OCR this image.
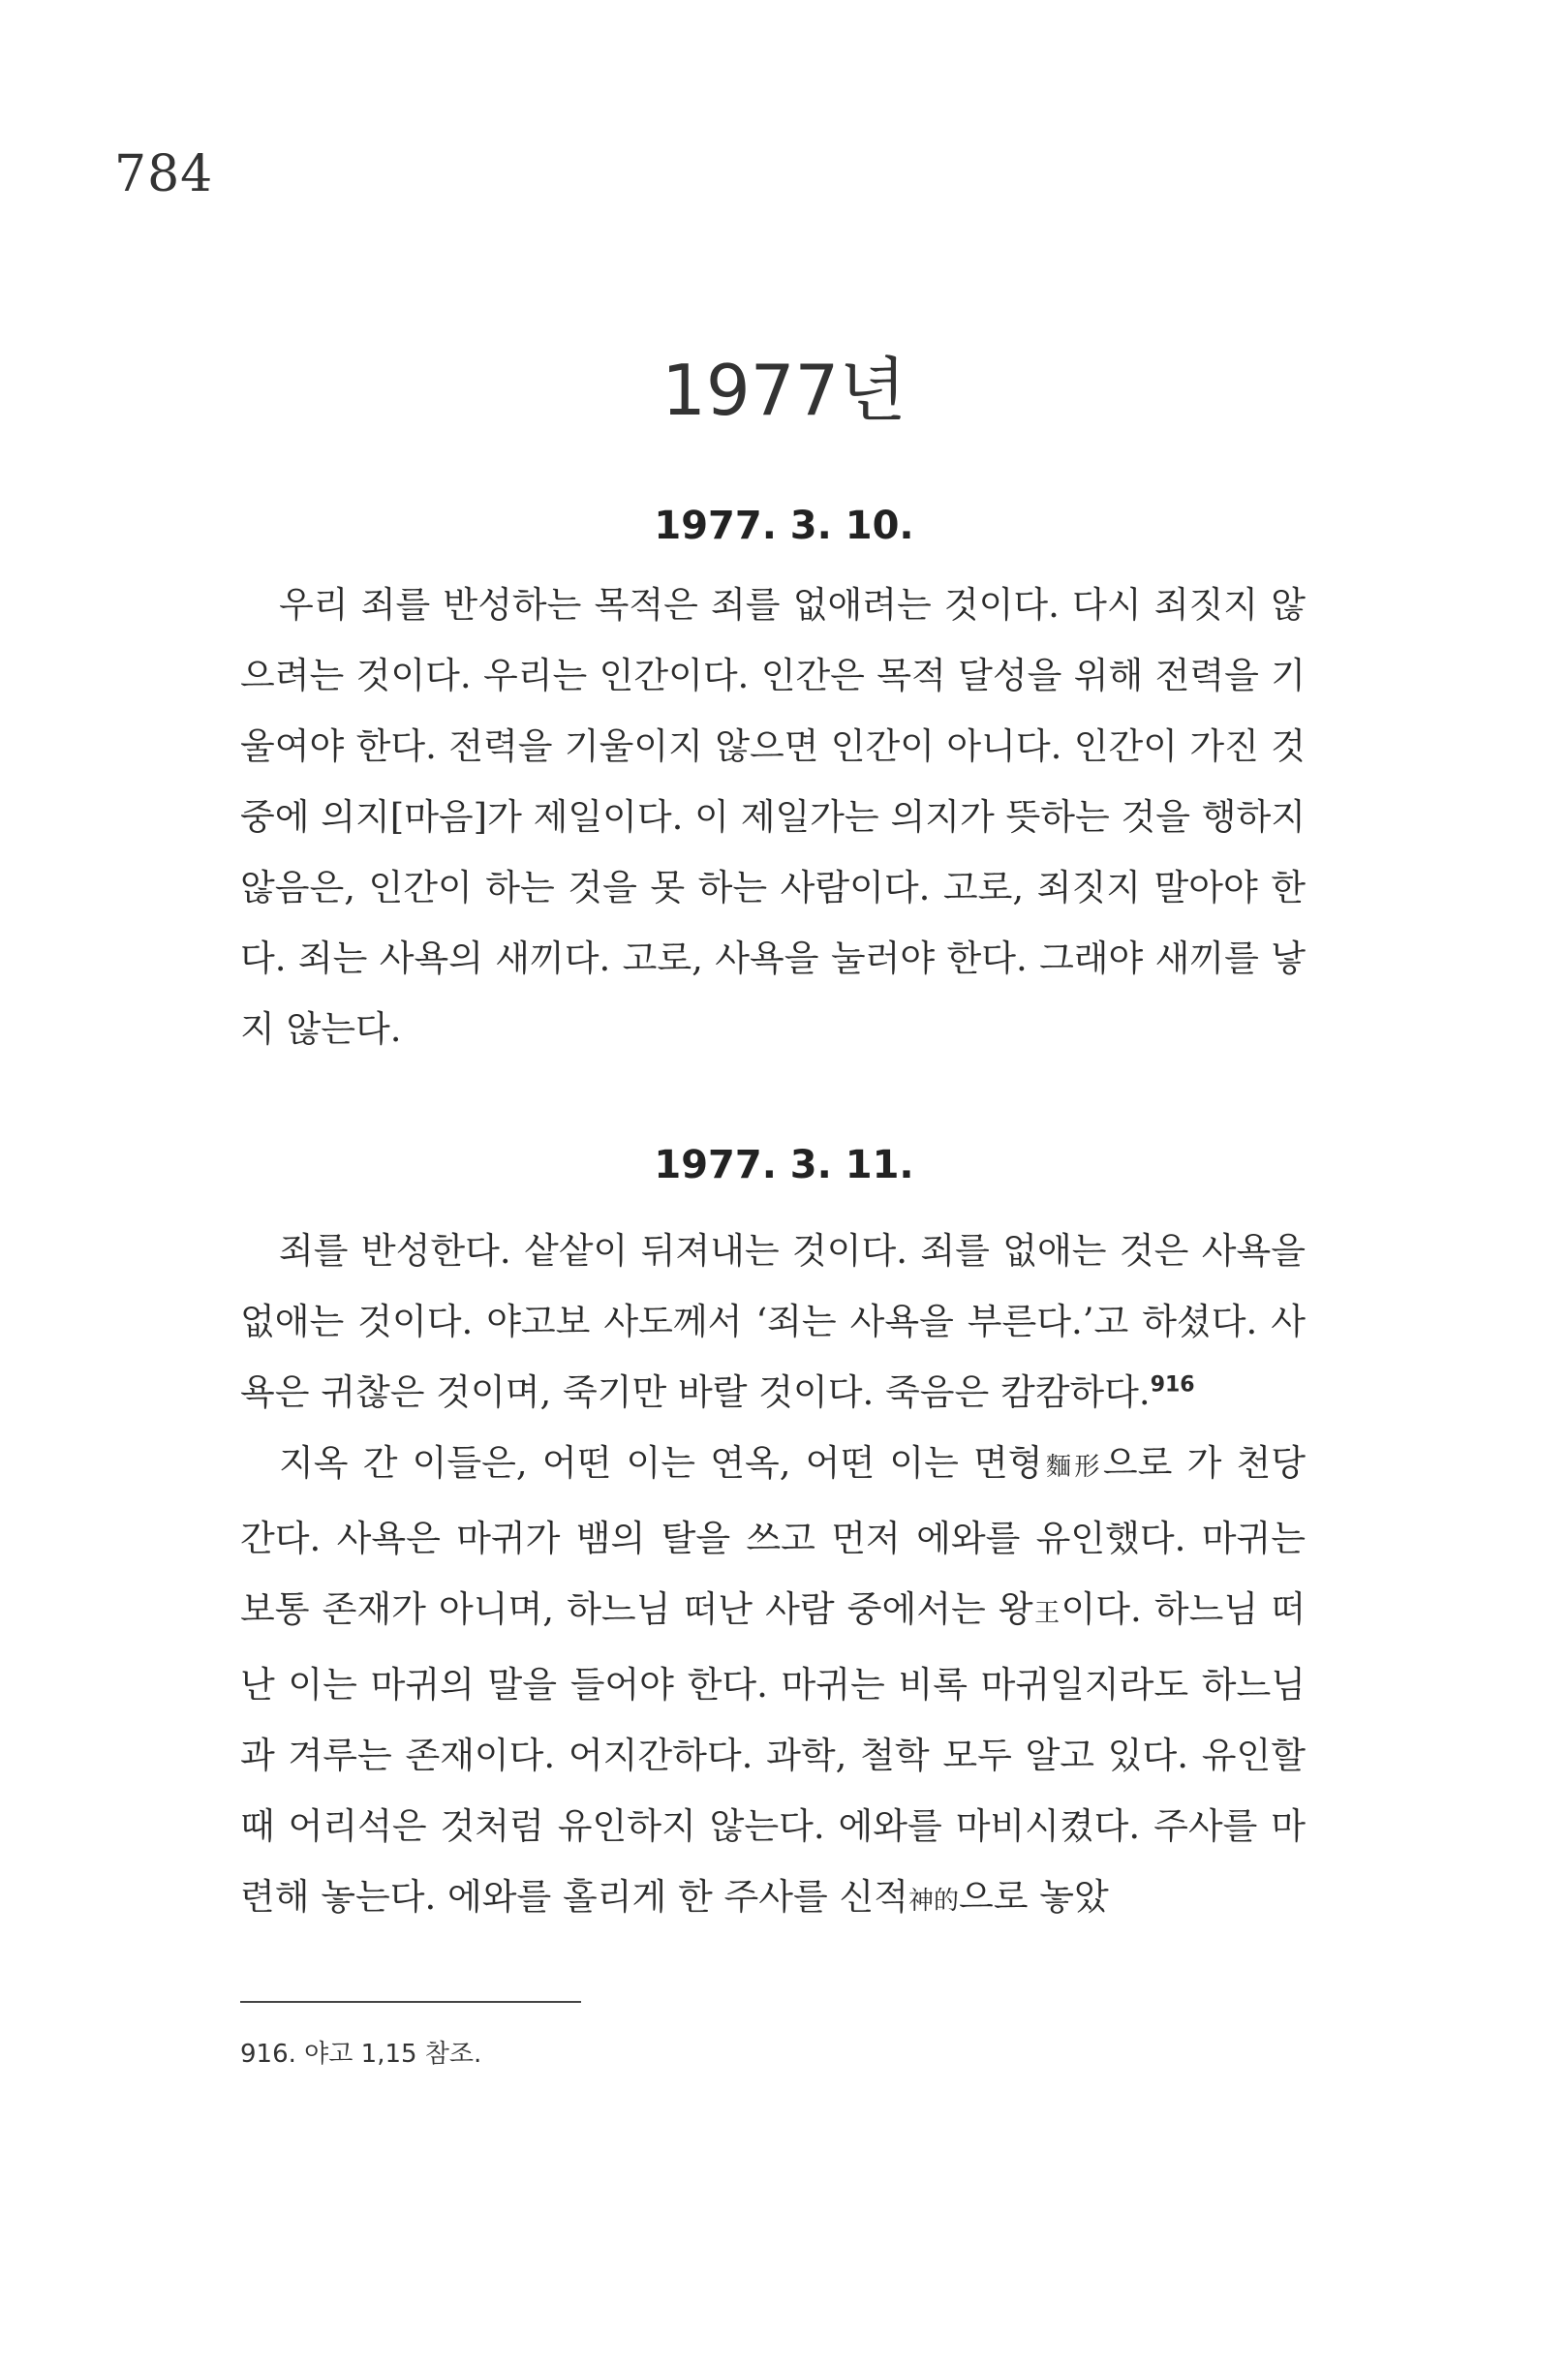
784
1977년
1977. 3. 10.

우리 죄를 반성하는 목적은 죄를 없애려는 것이다. 다시 죄짓지 않으려는 것이다. 우리는 인간이다. 인간은 목적 달성을 위해 전력을 기울여야 한다. 전력을 기울이지 않으면 인간이 아니다. 인간이 가진 것 중에 의지[마음]가 제일이다. 이 제일가는 의지가 뜻하는 것을 행하지 않음은, 인간이 하는 것을 못 하는 사람이다. 고로, 죄짓지 말아야 한다. 죄는 사욕의 새끼다. 고로, 사욕을 눌러야 한다. 그래야 새끼를 낳지 않는다.

1977. 3. 11.

죄를 반성한다. 샅샅이 뒤져내는 것이다. 죄를 없애는 것은 사욕을 없애는 것이다. 야고보 사도께서 ‘죄는 사욕을 부른다.’고 하셨다. 사욕은 귀찮은 것이며, 죽기만 바랄 것이다. 죽음은 캄캄하다.$^{916}$

지옥 간 이들은, 어떤 이는 연옥, 어떤 이는 면형麵形으로 가 천당 간다. 사욕은 마귀가 뱀의 탈을 쓰고 먼저 에와를 유인했다. 마귀는 보통 존재가 아니며, 하느님 떠난 사람 중에서는 왕王이다. 하느님 떠난 이는 마귀의 말을 들어야 한다. 마귀는 비록 마귀일지라도 하느님과 겨루는 존재이다. 어지간하다. 과학, 철학 모두 알고 있다. 유인할 때 어리석은 것처럼 유인하지 않는다. 에와를 마비시켰다. 주사를 마련해 놓는다. 에와를 홀리게 한 주사를 신적神的으로 놓았

916. 야고 1,15 참조.
